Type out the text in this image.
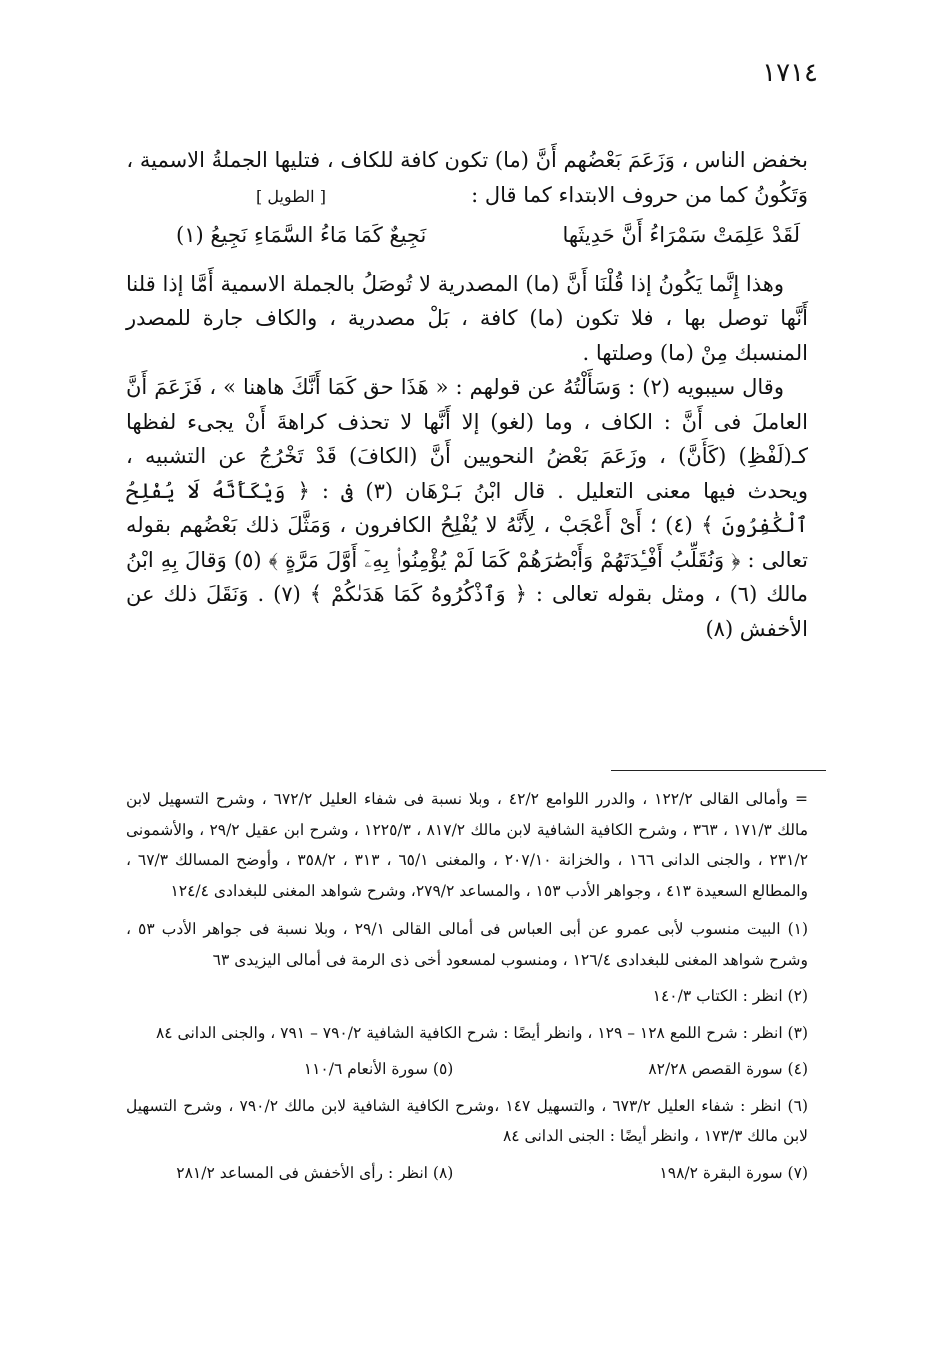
١٧١٤

بخفض الناس ، وَزَعَمَ بَعْضُهم أَنَّ (ما) تكون كافة للكاف ، فتليها الجملةُ الاسمية ،

وَتَكُونُ كما من حروف الابتداء كما قال :
[ الطويل ]
لَقَدْ عَلِمَتْ سَمْرَاءُ أَنَّ حَدِيثَها
نَجِيعٌ كَمَا مَاءُ السَّمَاءِ نَجِيعُ (١)

وهذا إِنَّما يَكُونُ إذا قُلْنَا أَنَّ (ما) المصدرية لا تُوصَلُ بالجملة الاسمية أَمَّا إذا قلنا أَنَّها توصل بها ، فلا تكون (ما) كافة ، بَلْ مصدرية ، والكاف جارة للمصدر المنسبك مِنْ (ما) وصلتها .

وقال سيبويه (٢) : وَسَأَلْتُهُ عن قولهم : « هَذَا حق كَمَا أَنَّكَ هاهنا » ، فَزَعَمَ أَنَّ العاملَ فى أَنَّ : الكاف ، وما (لغو) إلا أَنَّها لا تحذف كراهةَ أَنْ يجىء لفظها كـ(لَفْظِ) (كَأَنَّ) ، وزَعَمَ بَعْضُ النحويين أَنَّ (الكافَ) قَدْ تَخْرُجُ عن التشبيه ، ويحدث فيها معنى التعليل . قال ابْنُ بَـرْهَان (٣) فى : ﴿ وَيْكَأَنَّهُ لَا يُفْلِحُ ٱلْكَٰفِرُونَ ﴾ (٤) ؛ أَىْ أَعْجَبْ ، لِأَنَّهُ لا يُفْلِحُ الكافرون ، وَمَثَّلَ ذلك بَعْضُهم بقوله تعالى : ﴿ وَنُقَلِّبُ أَفْـِٔدَتَهُمْ وَأَبْصَٰرَهُمْ كَمَا لَمْ يُؤْمِنُوا۟ بِهِۦٓ أَوَّلَ مَرَّةٍ ﴾ (٥) وَقالَ بِهِ ابْنُ مالك (٦) ، ومثل بقوله تعالى : ﴿ وَٱذْكُرُوهُ كَمَا هَدَىٰكُمْ ﴾ (٧) . وَنَقَلَ ذلك عن الأخفش (٨)

= وأمالى القالى ١٢٢/٢ ، والدرر اللوامع ٤٢/٢ ، وبلا نسبة فى شفاء العليل ٦٧٢/٢ ، وشرح التسهيل لابن مالك ١٧١/٣ ، ٣٦٣ ، وشرح الكافية الشافية لابن مالك ٨١٧/٢ ، ١٢٢٥/٣ ، وشرح ابن عقيل ٢٩/٢ ، والأشمونى ٢٣١/٢ ، والجنى الدانى ١٦٦ ، والخزانة ٢٠٧/١٠ ، والمغنى ٦٥/١ ، ٣١٣ ، ٣٥٨/٢ ، وأوضح المسالك ٦٧/٣ ، والمطالع السعيدة ٤١٣ ، وجواهر الأدب ١٥٣ ، والمساعد ٢٧٩/٢، وشرح شواهد المغنى للبغدادى ١٢٤/٤

(١) البيت منسوب لأبى عمرو عن أبى العباس فى أمالى القالى ٢٩/١ ، وبلا نسبة فى جواهر الأدب ٥٣ ، وشرح شواهد المغنى للبغدادى ١٢٦/٤ ، ومنسوب لمسعود أخى ذى الرمة فى أمالى اليزيدى ٦٣

(٢) انظر : الكتاب ١٤٠/٣

(٣) انظر : شرح اللمع ١٢٨ – ١٢٩ ، وانظر أيضًا : شرح الكافية الشافية ٧٩٠/٢ – ٧٩١ ، والجنى الدانى ٨٤

(٤) سورة القصص ٨٢/٢٨
(٥) سورة الأنعام ١١٠/٦

(٦) انظر : شفاء العليل ٦٧٣/٢ ، والتسهيل ١٤٧ ،وشرح الكافية الشافية لابن مالك ٧٩٠/٢ ، وشرح التسهيل لابن مالك ١٧٣/٣ ، وانظر أيضًا : الجنى الدانى ٨٤

(٧) سورة البقرة ١٩٨/٢
(٨) انظر : رأى الأخفش فى المساعد ٢٨١/٢
